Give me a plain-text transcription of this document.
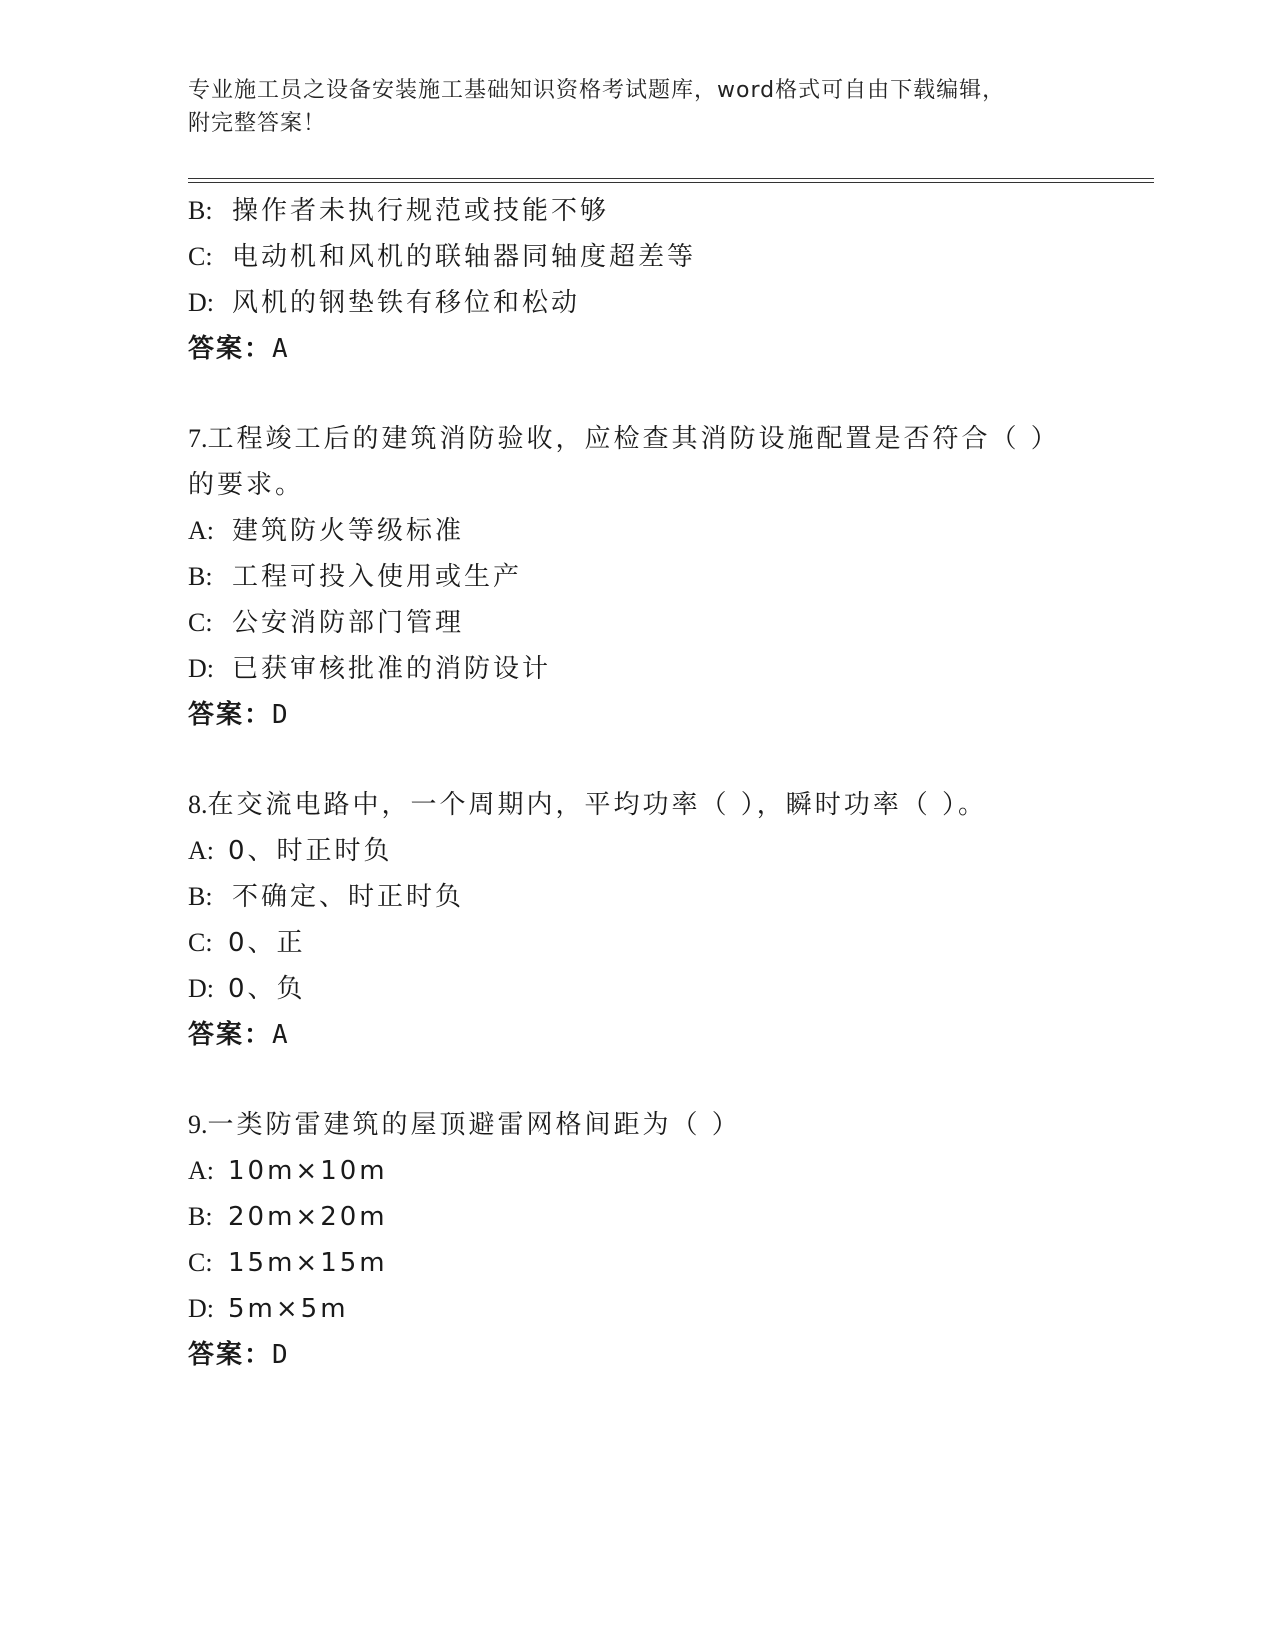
专业施工员之设备安装施工基础知识资格考试题库，word格式可自由下载编辑，
附完整答案！
B: 操作者未执行规范或技能不够
C: 电动机和风机的联轴器同轴度超差等
D: 风机的钢垫铁有移位和松动
答案：A
7.工程竣工后的建筑消防验收，应检查其消防设施配置是否符合（ ）
的要求。
A: 建筑防火等级标准
B: 工程可投入使用或生产
C: 公安消防部门管理
D: 已获审核批准的消防设计
答案：D
8.在交流电路中，一个周期内，平均功率（ ），瞬时功率（ ）。
A: 0、时正时负
B: 不确定、时正时负
C: 0、正
D: 0、负
答案：A
9.一类防雷建筑的屋顶避雷网格间距为（ ）
A: 10m×10m
B: 20m×20m
C: 15m×15m
D: 5m×5m
答案：D
